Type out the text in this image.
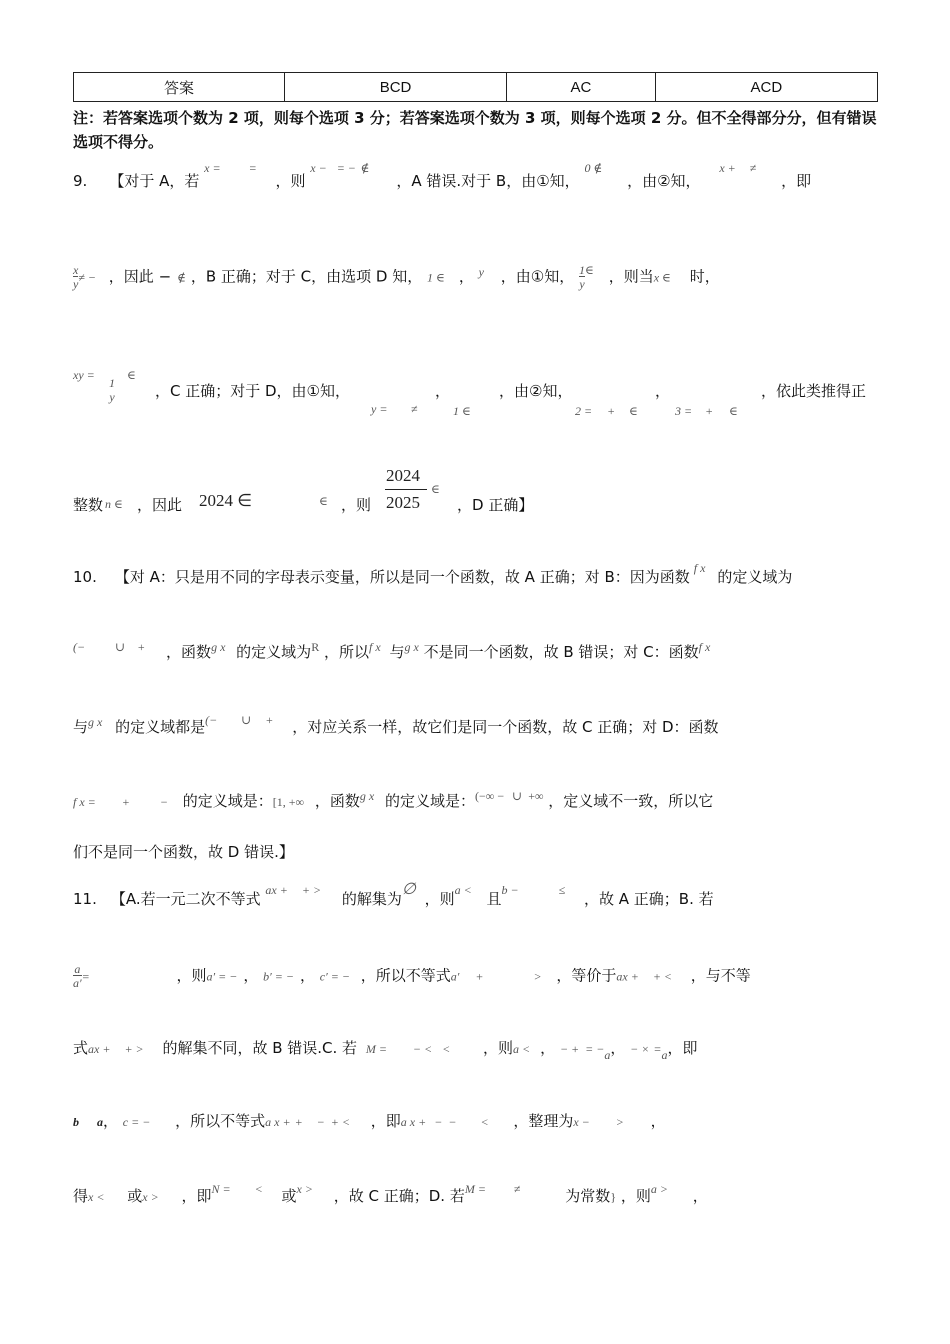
答案	BCD	AC	ACD
注：若答案选项个数为 2 项，则每个选项 3 分；若答案选项个数为 3 项，则每个选项 2 分。但不全得部分分，但有错误选项不得分。
9. 【对于 A，若 $^{x =}$ = ，则 $^{x -}$ = − ∉ ，A 错误.对于 B，由①知， $^{0 \notin}$ ，由②知， $^{x +}$ ≠ ，即
$\frac{x}{y}\ne$ − ，因此 − ∉ ，B 正确；对于 C，由选项 D 知， 1 ∈ ， $^y$ ，由①知， $\frac{1}{y}^\in$ ，则当x ∈ 时，
xy =
1
y
∈
，C 正确；对于 D，由①知，	，	，由②知，	，	，依此类推得正
y = ≠	1 ∈	2 = + ∈	3 = + ∈
整数 n ∈ ，因此 2024 ∈	∈ ，则
2024
2025
∈
，D 正确】
10. 【对 A：只是用不同的字母表示变量，所以是同一个函数，故 A 正确；对 B：因为函数 $^{f x}$ 的定义域为
(−	∪ + ，函数$^{g x}$ 的定义域为$^R$ ，所以$^{f x}$ 与$^{g x}$ 不是同一个函数，故 B 错误；对 C：函数$^{f x}$
与$^{g x}$ 的定义域都是(− ∪ + ，对应关系一样，故它们是同一个函数，故 C 正确；对 D：函数
f x = +	− 的定义域是：[1, +∞ ，函数$^{g x}$ 的定义域是：(−∞ − ∪ +∞ ，定义域不一致，所以它
们不是同一个函数，故 D 错误.】
11. 【A.若一元二次不等式 $^{ax +}$ + > 的解集为∅ ，则$^{a <}$ 且$^{b -}$	≤ ，故 A 正确；B. 若
$\frac{a}{a'}=$	，则a′ = − ， b′ = − ， c′ = − ，所以不等式a′ +	> ，等价于ax + + < ，与不等
式ax + + > 的解集不同，故 B 错误.C. 若 M = − < < ，则a < ， − + = $-_a$， − × $=_a$，即
b a， c = − ，所以不等式a x + + − + < ，即a x + − − < ，整理为x − > ，
得x < 或x > ，即$^{N =}$ < 或$^{x >}$ ，故 C 正确；D. 若$^{M =}$ ≠	为常数} ，则$^{a >}$ ，
